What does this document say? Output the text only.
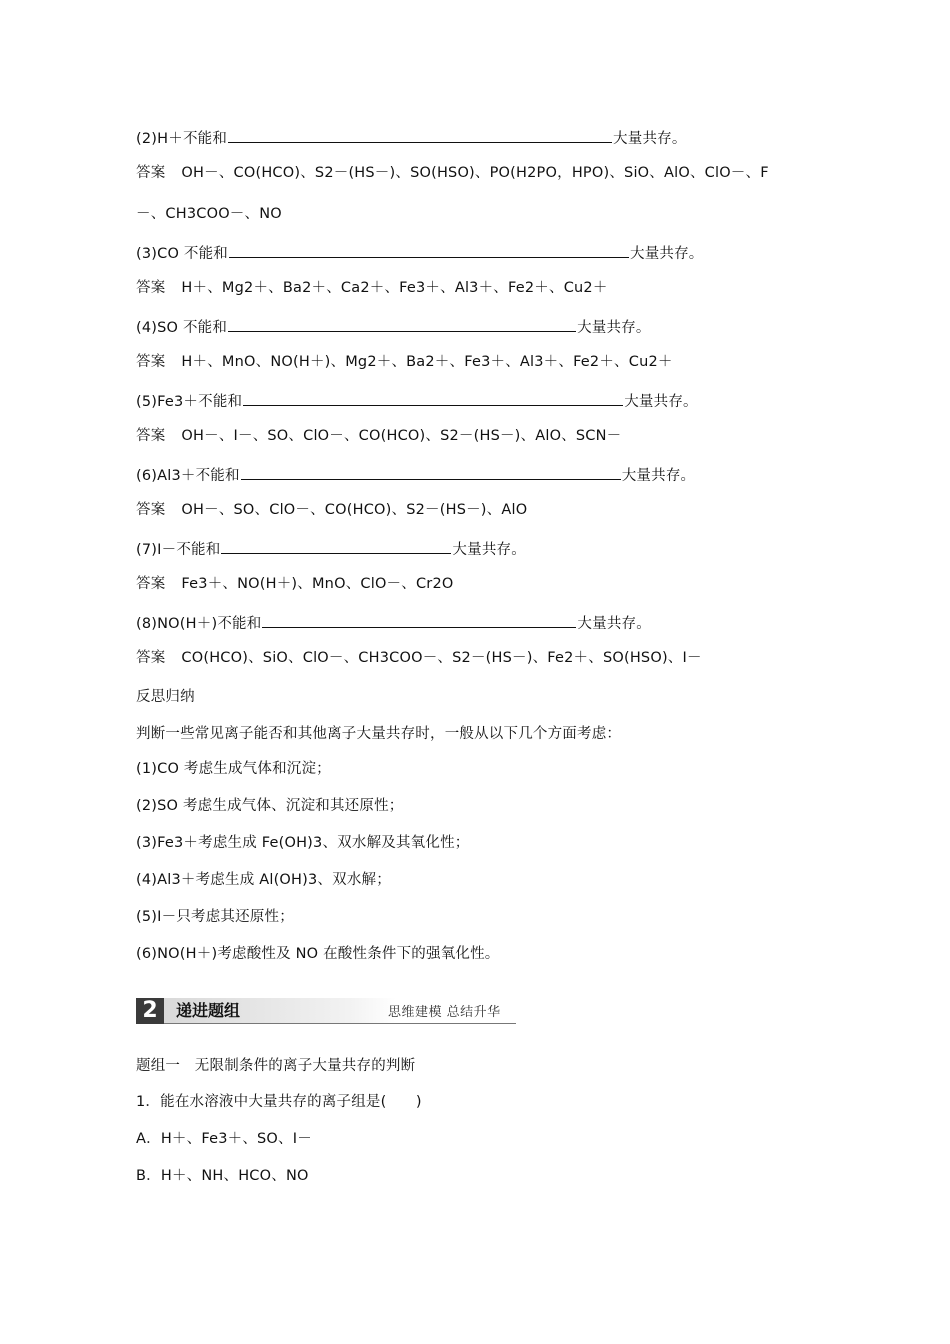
(2)H＋不能和	大量共存。
答案 OH－、CO(HCO)、S2－(HS－)、SO(HSO)、PO(H2PO，HPO)、SiO、AlO、ClO－、F
－、CH3COO－、NO
(3)CO 不能和	大量共存。
答案 H＋、Mg2＋、Ba2＋、Ca2＋、Fe3＋、Al3＋、Fe2＋、Cu2＋
(4)SO 不能和	大量共存。
答案 H＋、MnO、NO(H＋)、Mg2＋、Ba2＋、Fe3＋、Al3＋、Fe2＋、Cu2＋
(5)Fe3＋不能和	大量共存。
答案 OH－、I－、SO、ClO－、CO(HCO)、S2－(HS－)、AlO、SCN－
(6)Al3＋不能和	大量共存。
答案 OH－、SO、ClO－、CO(HCO)、S2－(HS－)、AlO
(7)I－不能和	大量共存。
答案 Fe3＋、NO(H＋)、MnO、ClO－、Cr2O
(8)NO(H＋)不能和	大量共存。
答案 CO(HCO)、SiO、ClO－、CH3COO－、S2－(HS－)、Fe2＋、SO(HSO)、I－
反思归纳
判断一些常见离子能否和其他离子大量共存时，一般从以下几个方面考虑：
(1)CO 考虑生成气体和沉淀；
(2)SO 考虑生成气体、沉淀和其还原性；
(3)Fe3＋考虑生成 Fe(OH)3、双水解及其氧化性；
(4)Al3＋考虑生成 Al(OH)3、双水解；
(5)I－只考虑其还原性；
(6)NO(H＋)考虑酸性及 NO 在酸性条件下的强氧化性。
2	递进题组	思维建模 总结升华
题组一　无限制条件的离子大量共存的判断
1．能在水溶液中大量共存的离子组是(　　)
A．H＋、Fe3＋、SO、I－
B．H＋、NH、HCO、NO
